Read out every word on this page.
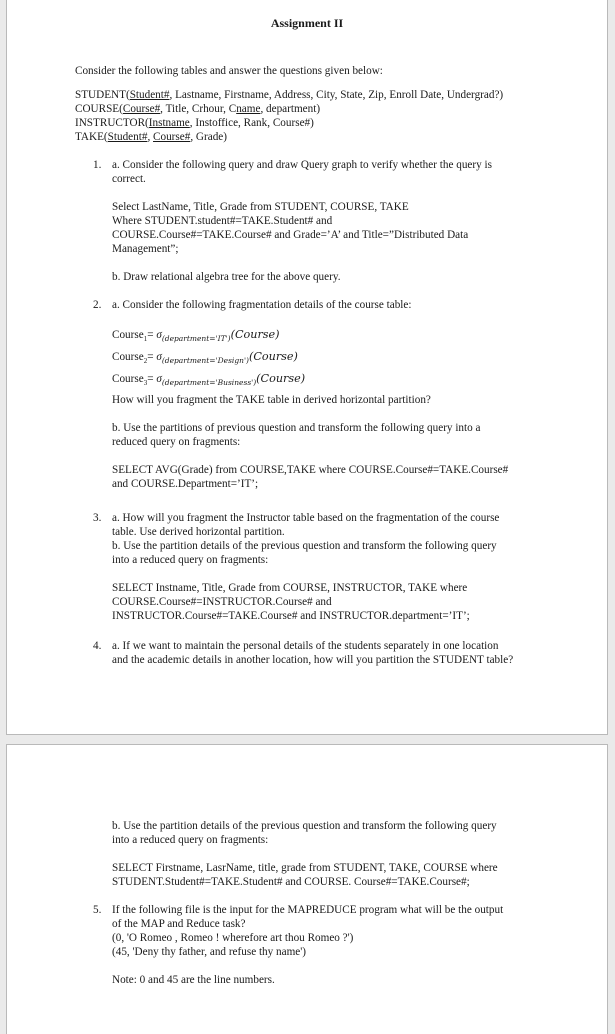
Assignment II

Consider the following tables and answer the questions given below:

STUDENT(Student#, Lastname, Firstname, Address, City, State, Zip, Enroll Date, Undergrad?)

COURSE(Course#, Title, Crhour, Cname, department)

INSTRUCTOR(Instname, Instoffice, Rank, Course#)

TAKE(Student#, Course#, Grade)

1. a. Consider the following query and draw Query graph to verify whether the query is

correct.

Select LastName, Title, Grade from STUDENT, COURSE, TAKE

Where STUDENT.student#=TAKE.Student# and

COURSE.Course#=TAKE.Course# and Grade=’A’ and Title=”Distributed Data

Management”;

b. Draw relational algebra tree for the above query.

2. a. Consider the following fragmentation details of the course table:

Course$_1$= $\sigma_{(department='IT')}(Course)$

Course$_2$= $\sigma_{(department='Design')}(Course)$

Course$_3$= $\sigma_{(department='Business')}(Course)$

How will you fragment the TAKE table in derived horizontal partition?

b. Use the partitions of previous question and transform the following query into a

reduced query on fragments:

SELECT AVG(Grade) from COURSE,TAKE where COURSE.Course#=TAKE.Course#

and COURSE.Department=’IT’;

3. a. How will you fragment the Instructor table based on the fragmentation of the course

table. Use derived horizontal partition.

b. Use the partition details of the previous question and transform the following query

into a reduced query on fragments:

SELECT Instname, Title, Grade from COURSE, INSTRUCTOR, TAKE where

COURSE.Course#=INSTRUCTOR.Course# and

INSTRUCTOR.Course#=TAKE.Course# and INSTRUCTOR.department=’IT’;

4. a. If we want to maintain the personal details of the students separately in one location

and the academic details in another location, how will you partition the STUDENT table?

b. Use the partition details of the previous question and transform the following query

into a reduced query on fragments:

SELECT Firstname, LasrName, title, grade from STUDENT, TAKE, COURSE where

STUDENT.Student#=TAKE.Student# and COURSE. Course#=TAKE.Course#;

5. If the following file is the input for the MAPREDUCE program what will be the output

of the MAP and Reduce task?

(0, 'O Romeo , Romeo ! wherefore art thou Romeo ?')

(45, 'Deny thy father, and refuse thy name')

Note: 0 and 45 are the line numbers.
